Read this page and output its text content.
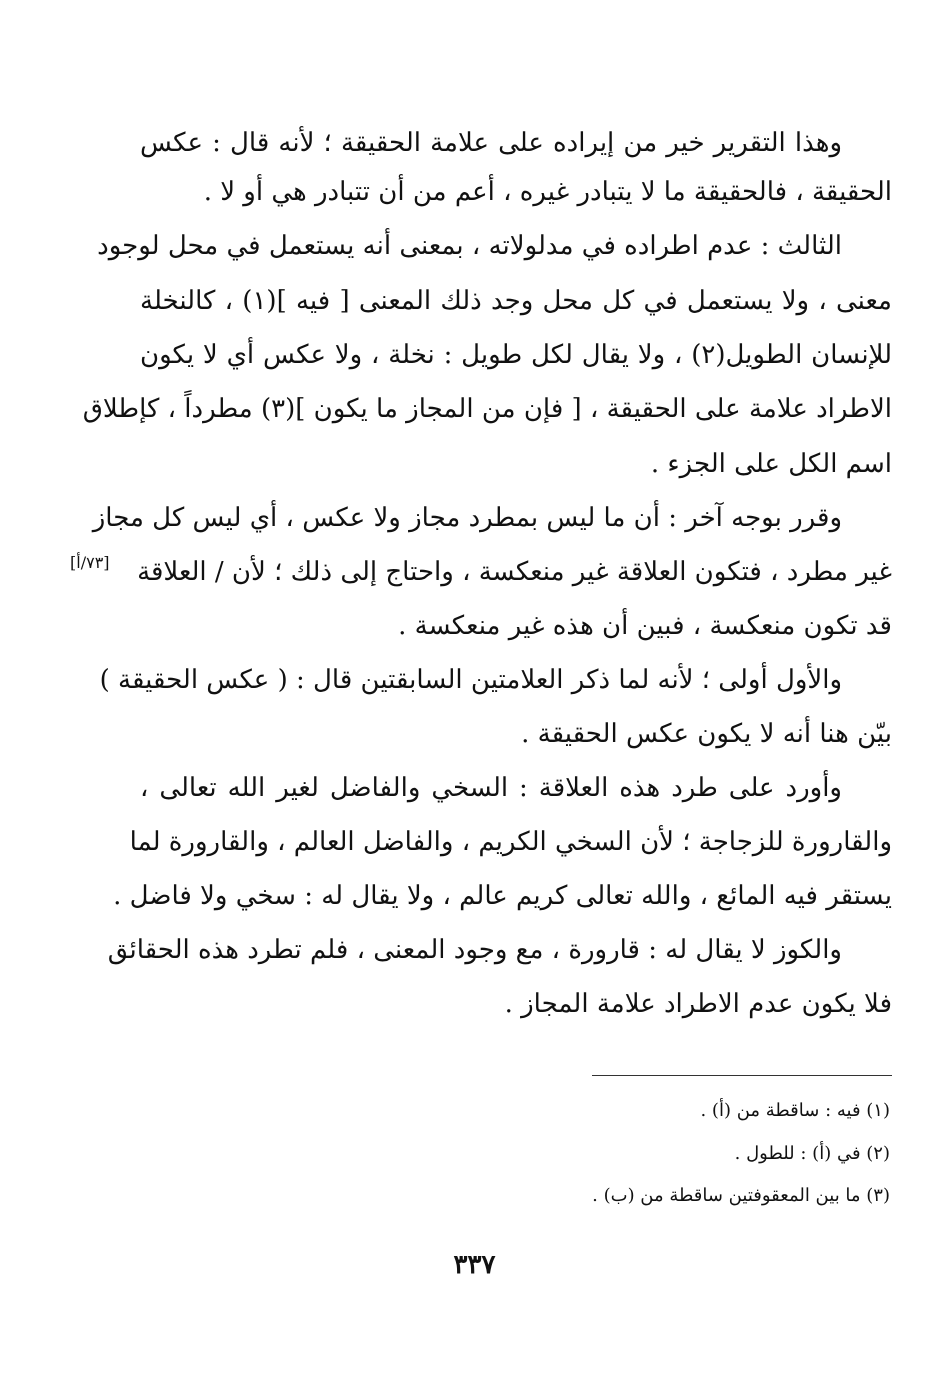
وهذا التقرير خير من إيراده على علامة الحقيقة ؛ لأنه قال : عكس
الحقيقة ، فالحقيقة ما لا يتبادر غيره ، أعم من أن تتبادر هي أو لا .
الثالث : عدم اطراده في مدلولاته ، بمعنى أنه يستعمل في محل لوجود
معنى ، ولا يستعمل في كل محل وجد ذلك المعنى [ فيه ](١) ، كالنخلة
للإنسان الطويل(٢) ، ولا يقال لكل طويل : نخلة ، ولا عكس أي لا يكون
الاطراد علامة على الحقيقة ، [ فإن من المجاز ما يكون ](٣) مطرداً ، كإطلاق
اسم الكل على الجزء .
وقرر بوجه آخر : أن ما ليس بمطرد مجاز ولا عكس ، أي ليس كل مجاز
غير مطرد ، فتكون العلاقة غير منعكسة ، واحتاج إلى ذلك ؛ لأن / العلاقة
قد تكون منعكسة ، فبين أن هذه غير منعكسة .
[٧٣/أ]
والأول أولى ؛ لأنه لما ذكر العلامتين السابقتين قال : ( عكس الحقيقة )
بيّن هنا أنه لا يكون عكس الحقيقة .
وأورد على طرد هذه العلاقة : السخي والفاضل لغير الله تعالى ،
والقارورة للزجاجة ؛ لأن السخي الكريم ، والفاضل العالم ، والقارورة لما
يستقر فيه المائع ، والله تعالى كريم عالم ، ولا يقال له : سخي ولا فاضل .
والكوز لا يقال له : قارورة ، مع وجود المعنى ، فلم تطرد هذه الحقائق
فلا يكون عدم الاطراد علامة المجاز .
(١) فيه : ساقطة من (أ) .
(٢) في (أ) : للطول .
(٣) ما بين المعقوفتين ساقطة من (ب) .
٣٣٧
